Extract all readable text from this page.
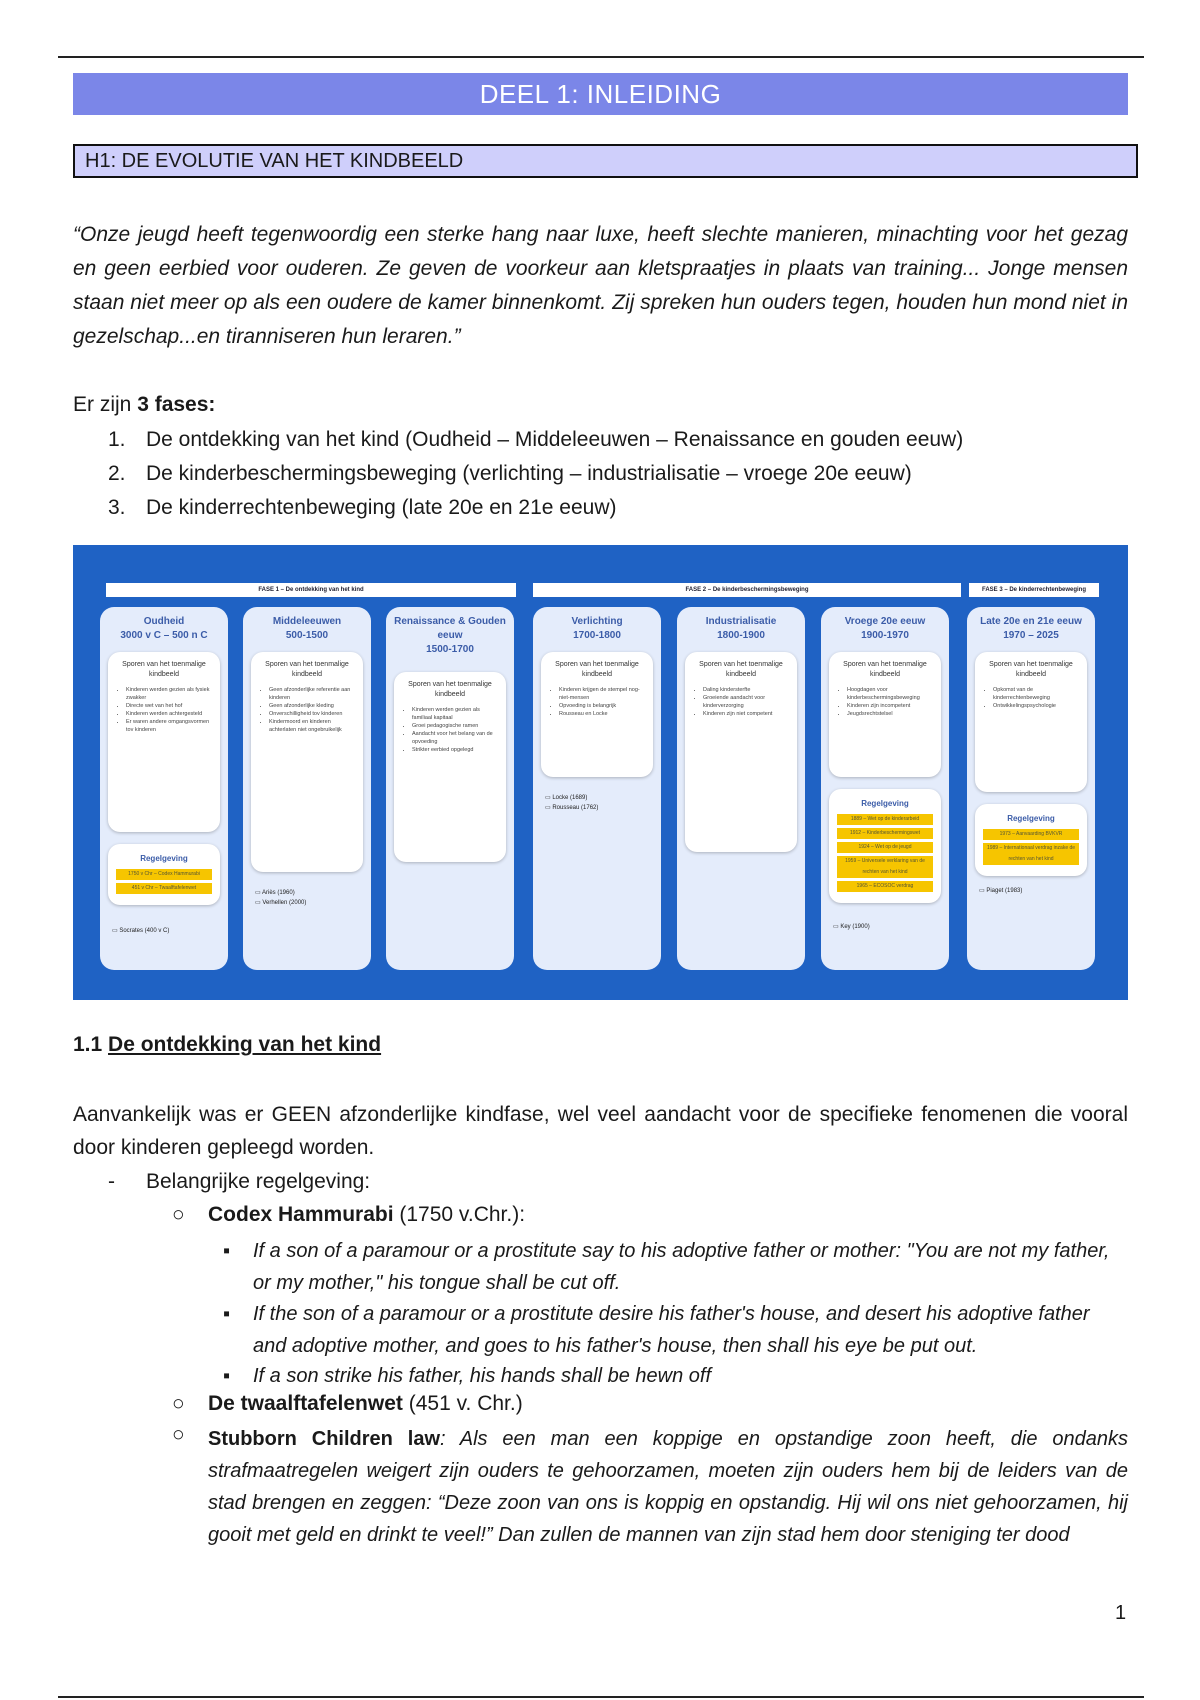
DEEL 1: INLEIDING
H1: DE EVOLUTIE VAN HET KINDBEELD
“Onze jeugd heeft tegenwoordig een sterke hang naar luxe, heeft slechte manieren, minachting voor het gezag en geen eerbied voor ouderen. Ze geven de voorkeur aan kletspraatjes in plaats van training... Jonge mensen staan niet meer op als een oudere de kamer binnenkomt. Zij spreken hun ouders tegen, houden hun mond niet in gezelschap...en tiranniseren hun leraren.”
Er zijn 3 fases:
1. De ontdekking van het kind (Oudheid – Middeleeuwen – Renaissance en gouden eeuw)
2. De kinderbeschermingsbeweging (verlichting – industrialisatie – vroege 20e eeuw)
3. De kinderrechtenbeweging (late 20e en 21e eeuw)
FASE 1 – De ontdekking van het kind	FASE 2 – De kinderbeschermingsbeweging	FASE 3 – De kinderrechtenbeweging
Oudheid
3000 v C – 500 n C
Sporen van het toenmalige kindbeeld
• Kinderen werden gezien als fysiek zwakker
• Directe wet van het hof
• Kinderen werden achtergesteld
• Er waren andere omgangsvormen tov kinderen
Regelgeving
1750 v Chr – Codex Hammurabi
451 v Chr – Twaalftafelenwet
▭ Socrates (400 v C)
Middeleeuwen
500-1500
Sporen van het toenmalige kindbeeld
• Geen afzonderlijke referentie aan kinderen
• Geen afzonderlijke kleding
• Onverschilligheid tov kinderen
• Kindermoord en kinderen achterlaten niet ongebruikelijk
▭ Ariès (1960)
▭ Verhellen (2000)
Renaissance & Gouden eeuw
1500-1700
Sporen van het toenmalige kindbeeld
• Kinderen werden gezien als familiaal kapitaal
• Groei pedagogische ramen
• Aandacht voor het belang van de opvoeding
• Strikter eerbied opgelegd
Verlichting
1700-1800
Sporen van het toenmalige kindbeeld
• Kinderen krijgen de stempel nog-niet-mensen
• Opvoeding is belangrijk
• Rousseau en Locke
▭ Locke (1689)
▭ Rousseau (1762)
Industrialisatie
1800-1900
Sporen van het toenmalige kindbeeld
• Daling kindersterfte
• Groeiende aandacht voor kinderverzorging
• Kinderen zijn niet competent
Vroege 20e eeuw
1900-1970
Sporen van het toenmalige kindbeeld
• Hoogdagen voor kinderbeschermingsbeweging
• Kinderen zijn incompetent
• Jeugdsrechtstelsel
Regelgeving
1889 – Wet op de kinderarbeid
1912 – Kinderbeschermingswet
1924 – Wet op de jeugd
1959 – Universele verklaring van de rechten van het kind
1965 – ECOSOC verdrag
▭ Key (1900)
Late 20e en 21e eeuw
1970 – 2025
Sporen van het toenmalige kindbeeld
• Opkomst van de kinderrechtenbeweging
• Ontwikkelingspsychologie
Regelgeving
1973 – Aanvaarding BVKVR
1989 – Internationaal verdrag inzake de rechten van het kind
▭ Piaget (1983)
1.1 De ontdekking van het kind
Aanvankelijk was er GEEN afzonderlijke kindfase, wel veel aandacht voor de specifieke fenomenen die vooral door kinderen gepleegd worden.
- Belangrijke regelgeving:
○ Codex Hammurabi (1750 v.Chr.):
▪ If a son of a paramour or a prostitute say to his adoptive father or mother: "You are not my father, or my mother," his tongue shall be cut off.
▪ If the son of a paramour or a prostitute desire his father's house, and desert his adoptive father and adoptive mother, and goes to his father's house, then shall his eye be put out.
▪ If a son strike his father, his hands shall be hewn off
○ De twaalftafelenwet (451 v. Chr.)
○ Stubborn Children law: Als een man een koppige en opstandige zoon heeft, die ondanks strafmaatregelen weigert zijn ouders te gehoorzamen, moeten zijn ouders hem bij de leiders van de stad brengen en zeggen: “Deze zoon van ons is koppig en opstandig. Hij wil ons niet gehoorzamen, hij gooit met geld en drinkt te veel!” Dan zullen de mannen van zijn stad hem door steniging ter dood
1
